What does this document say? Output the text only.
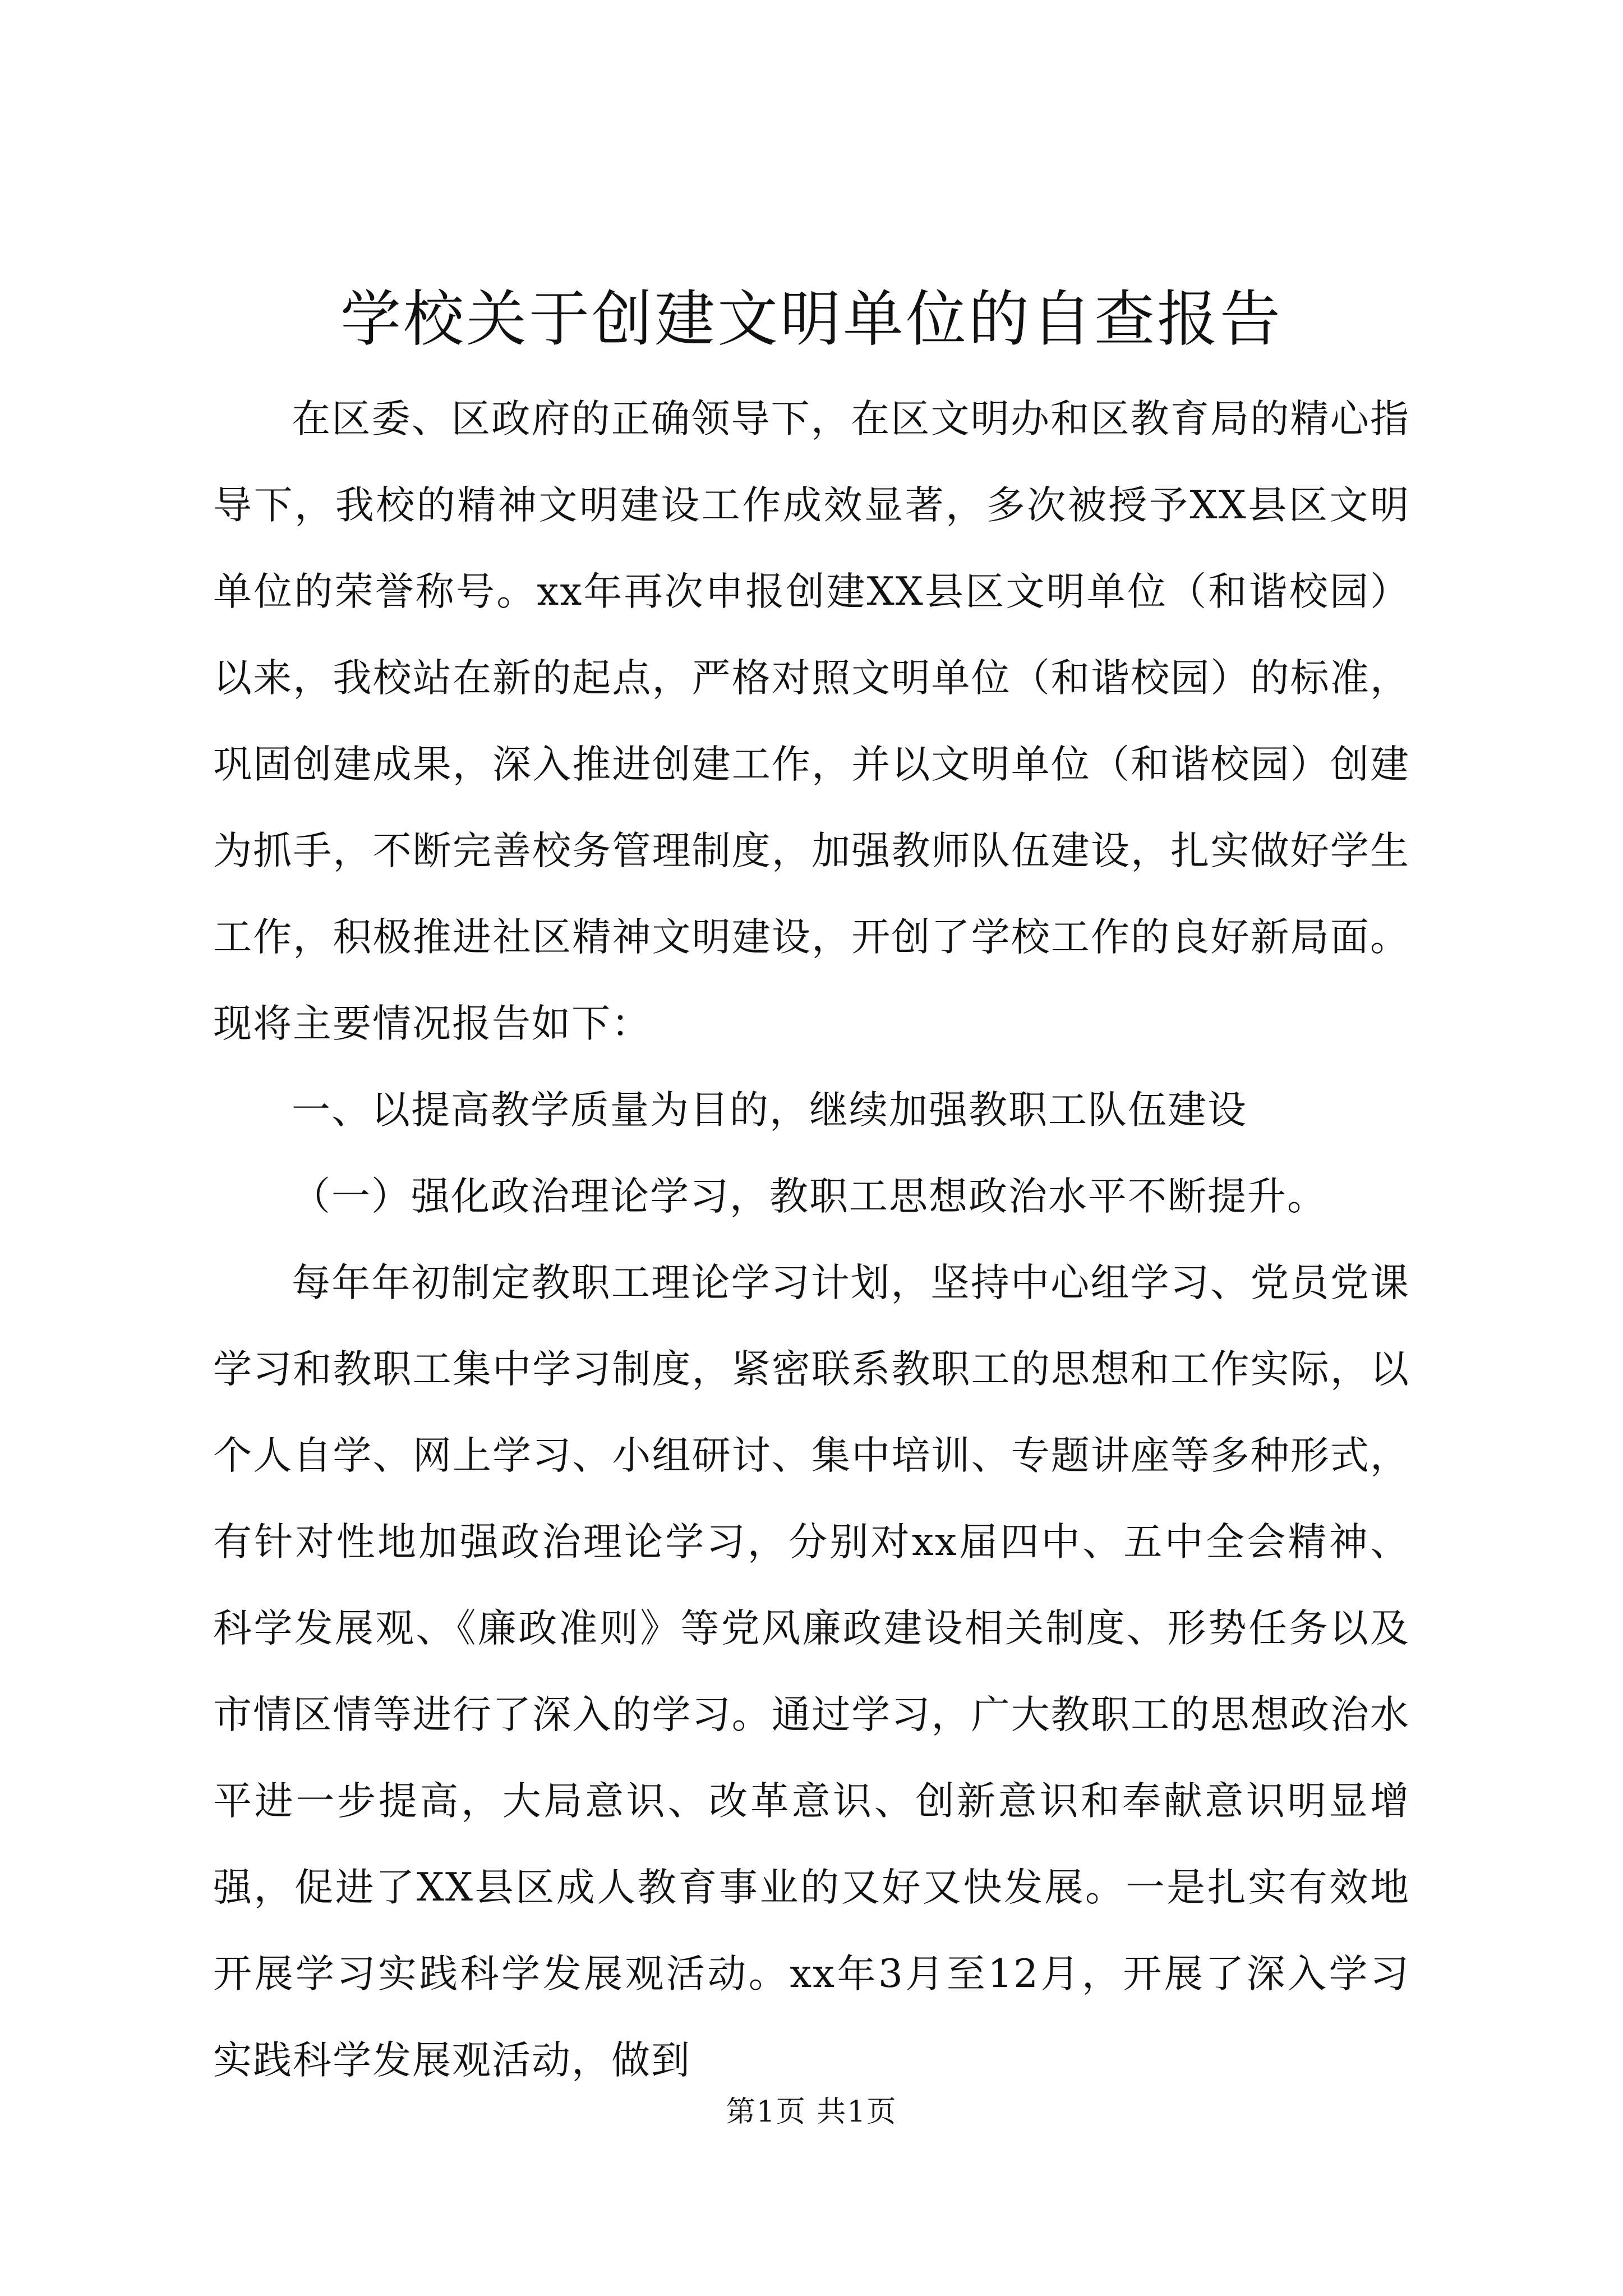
学校关于创建文明单位的自查报告

在区委、区政府的正确领导下，在区文明办和区教育局的精心指导下，我校的精神文明建设工作成效显著，多次被授予XX县区文明单位的荣誉称号。xx年再次申报创建XX县区文明单位（和谐校园）以来，我校站在新的起点，严格对照文明单位（和谐校园）的标准，巩固创建成果，深入推进创建工作，并以文明单位（和谐校园）创建为抓手，不断完善校务管理制度，加强教师队伍建设，扎实做好学生工作，积极推进社区精神文明建设，开创了学校工作的良好新局面。现将主要情况报告如下：

一、以提高教学质量为目的，继续加强教职工队伍建设

（一）强化政治理论学习，教职工思想政治水平不断提升。

每年年初制定教职工理论学习计划，坚持中心组学习、党员党课学习和教职工集中学习制度，紧密联系教职工的思想和工作实际，以个人自学、网上学习、小组研讨、集中培训、专题讲座等多种形式，有针对性地加强政治理论学习，分别对xx届四中、五中全会精神、科学发展观、《廉政准则》等党风廉政建设相关制度、形势任务以及市情区情等进行了深入的学习。通过学习，广大教职工的思想政治水平进一步提高，大局意识、改革意识、创新意识和奉献意识明显增强，促进了XX县区成人教育事业的又好又快发展。一是扎实有效地开展学习实践科学发展观活动。xx年3月至12月，开展了深入学习实践科学发展观活动，做到

第1页 共1页
